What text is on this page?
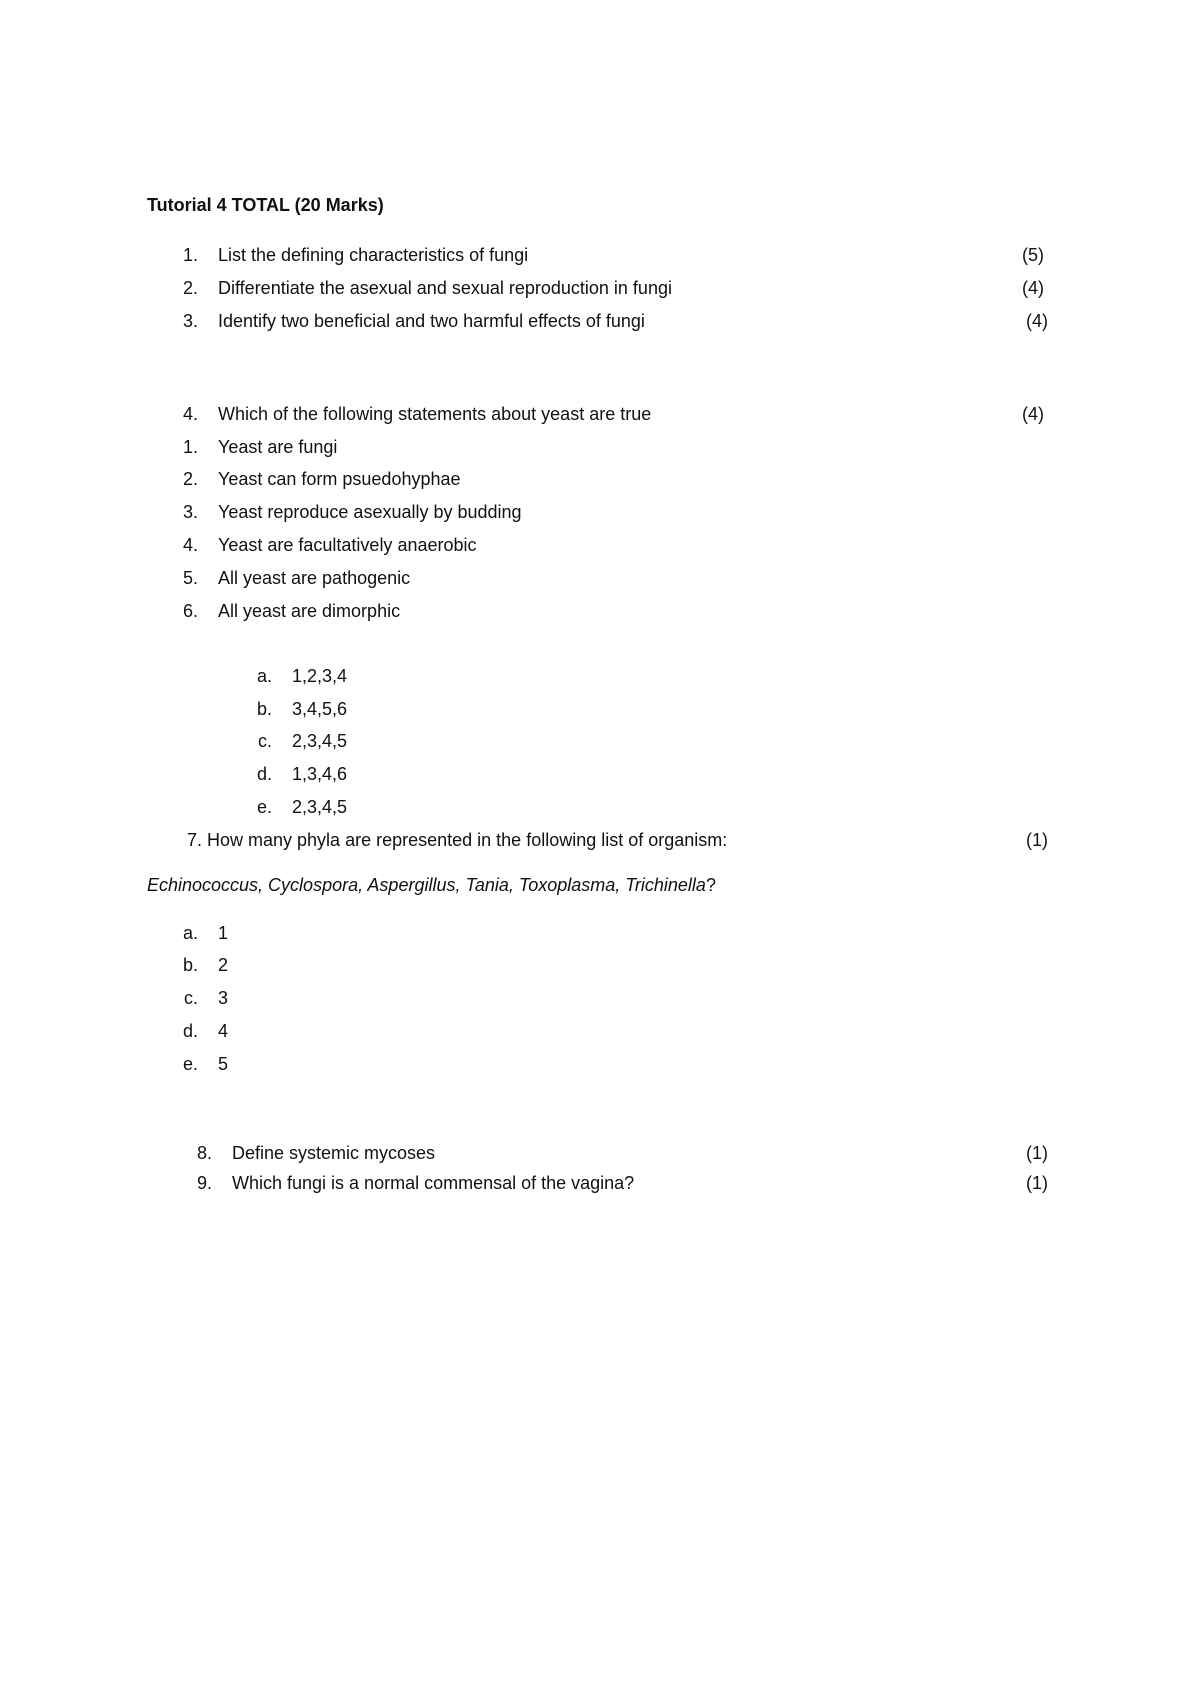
Tutorial 4 TOTAL (20 Marks)
1. List the defining characteristics of fungi	(5)
2. Differentiate the asexual and sexual reproduction in fungi	(4)
3. Identify two beneficial and two harmful effects of fungi	(4)
4. Which of the following statements about yeast are true	(4)
1. Yeast are fungi
2. Yeast can form psuedohyphae
3. Yeast reproduce asexually by budding
4. Yeast are facultatively anaerobic
5. All yeast are pathogenic
6. All yeast are dimorphic
a. 1,2,3,4
b. 3,4,5,6
c. 2,3,4,5
d. 1,3,4,6
e. 2,3,4,5
7. How many phyla are represented in the following list of organism:	(1)
Echinococcus, Cyclospora, Aspergillus, Tania, Toxoplasma, Trichinella?
a. 1
b. 2
c. 3
d. 4
e. 5
8. Define systemic mycoses	(1)
9. Which fungi is a normal commensal of the vagina?	(1)
